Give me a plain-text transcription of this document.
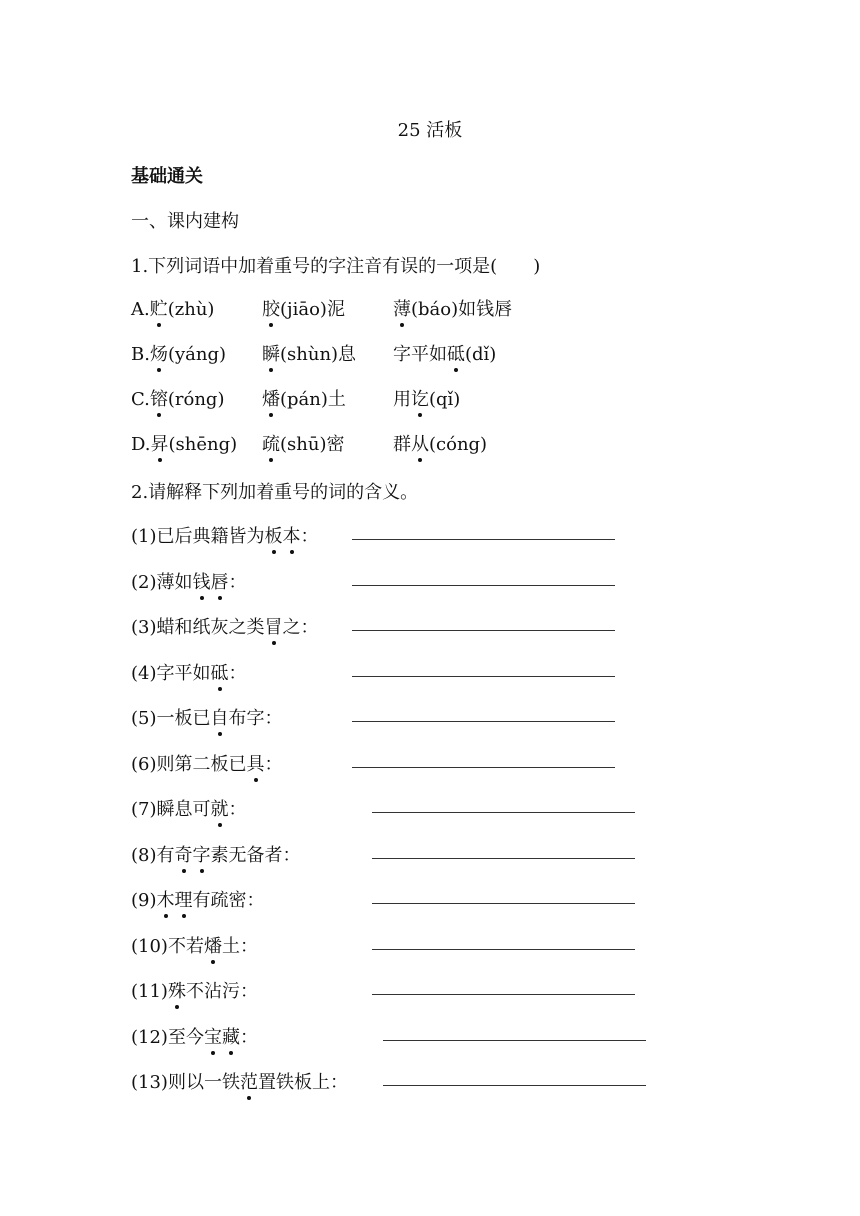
25 活板
基础通关
一、课内建构
1.下列词语中加着重号的字注音有误的一项是(　　)
A.贮(zhù)	胶(jiāo)泥	薄(báo)如钱唇
B.炀(yáng) 瞬(shùn)息 字平如砥(dǐ)
C.镕(róng) 燔(pán)土	用讫(qǐ)
D.昇(shēng) 疏(shū)密	群从(cóng)
2.请解释下列加着重号的词的含义。
(1)已后典籍皆为板本：
(2)薄如钱唇：
(3)蜡和纸灰之类冒之：
(4)字平如砥：
(5)一板已自布字：
(6)则第二板已具：
(7)瞬息可就：
(8)有奇字素无备者：
(9)木理有疏密：
(10)不若燔土：
(11)殊不沾污：
(12)至今宝藏：
(13)则以一铁范置铁板上：
